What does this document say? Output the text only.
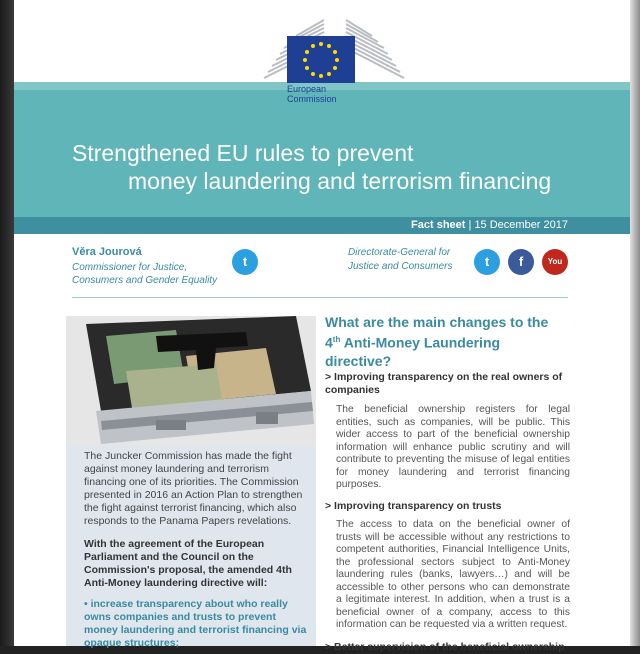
European
Commission
Strengthened EU rules to prevent
money laundering and terrorism financing
Fact sheet | 15 December 2017
Věra Jourová
Commissioner for Justice,
Consumers and Gender Equality
t
Directorate-General for
Justice and Consumers	t	f	You Tube
The Juncker Commission has made the fight against money laundering and terrorism financing one of its priorities. The Commission presented in 2016 an Action Plan to strengthen the fight against terrorist financing, which also responds to the Panama Papers revelations.
With the agreement of the European Parliament and the Council on the Commission's proposal, the amended 4th Anti-Money laundering directive will:
• increase transparency about who really owns companies and trusts to prevent money laundering and terrorist financing via opaque structures;
What are the main changes to the 4th Anti-Money Laundering directive?
> Improving transparency on the real owners of companies
The beneficial ownership registers for legal entities, such as companies, will be public. This wider access to part of the beneficial ownership information will enhance public scrutiny and will contribute to preventing the misuse of legal entities for money laundering and terrorist financing purposes.
> Improving transparency on trusts
The access to data on the beneficial owner of trusts will be accessible without any restrictions to competent authorities, Financial Intelligence Units, the professional sectors subject to Anti-Money laundering rules (banks, lawyers…) and will be accessible to other persons who can demonstrate a legitimate interest. In addition, when a trust is a beneficial owner of a company, access to this information can be requested via a written request.
> Better supervision of the beneficial ownership
